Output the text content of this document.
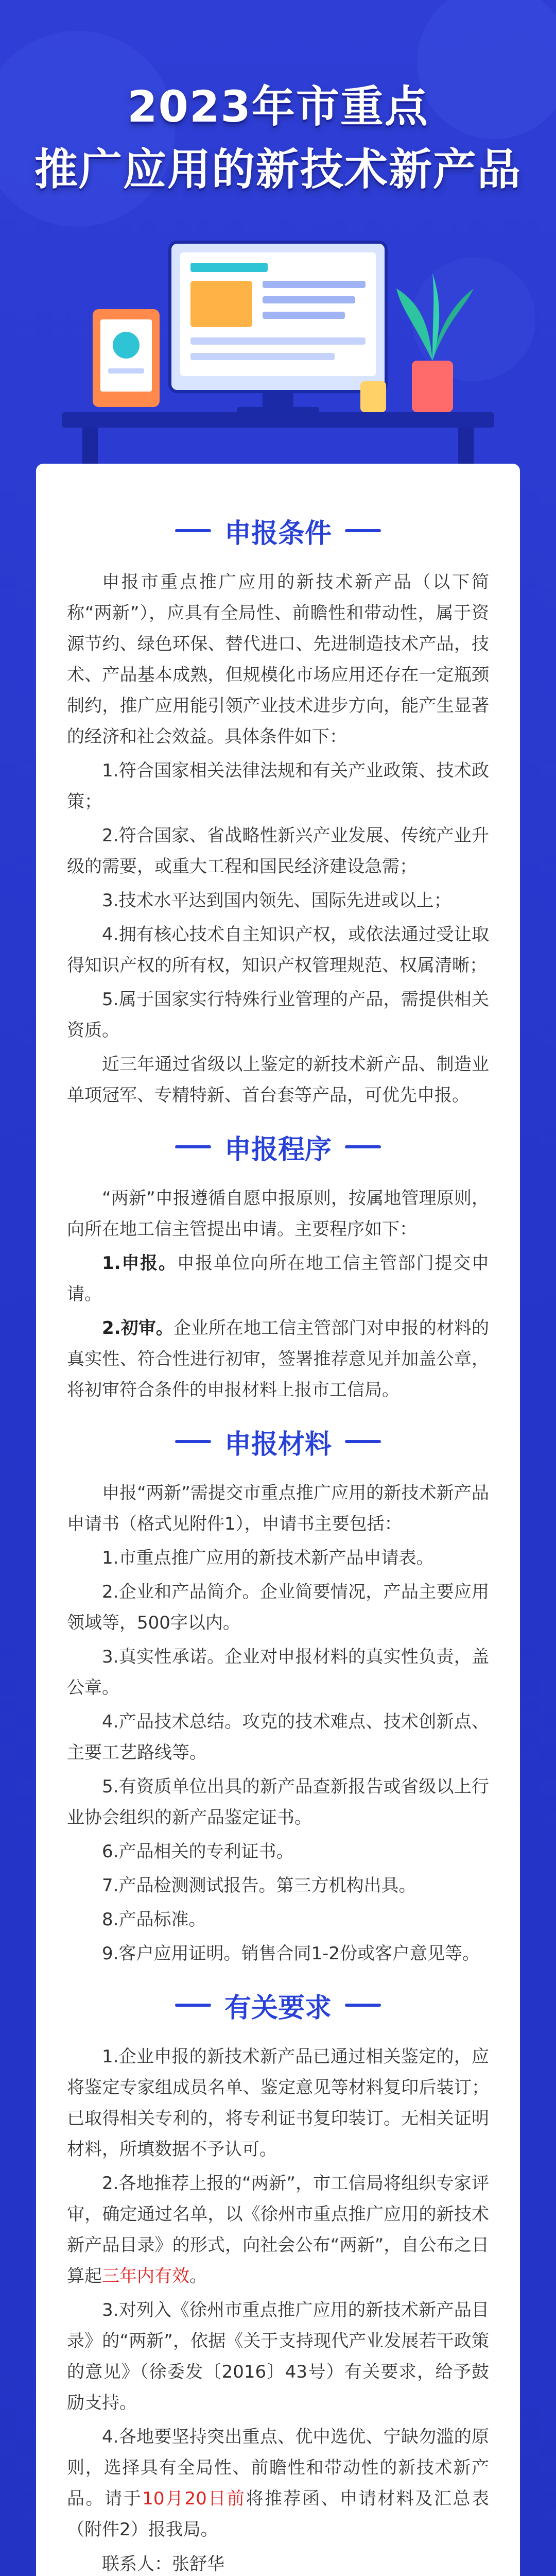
2023年市重点
推广应用的新技术新产品
申报条件

申报市重点推广应用的新技术新产品（以下简称“两新”），应具有全局性、前瞻性和带动性，属于资源节约、绿色环保、替代进口、先进制造技术产品，技术、产品基本成熟，但规模化市场应用还存在一定瓶颈制约，推广应用能引领产业技术进步方向，能产生显著的经济和社会效益。具体条件如下：

1.符合国家相关法律法规和有关产业政策、技术政策；

2.符合国家、省战略性新兴产业发展、传统产业升级的需要，或重大工程和国民经济建设急需；

3.技术水平达到国内领先、国际先进或以上；

4.拥有核心技术自主知识产权，或依法通过受让取得知识产权的所有权，知识产权管理规范、权属清晰；

5.属于国家实行特殊行业管理的产品，需提供相关资质。

近三年通过省级以上鉴定的新技术新产品、制造业单项冠军、专精特新、首台套等产品，可优先申报。

申报程序

“两新”申报遵循自愿申报原则，按属地管理原则，向所在地工信主管提出申请。主要程序如下：

1.申报。申报单位向所在地工信主管部门提交申请。

2.初审。企业所在地工信主管部门对申报的材料的真实性、符合性进行初审，签署推荐意见并加盖公章，将初审符合条件的申报材料上报市工信局。

申报材料

申报“两新”需提交市重点推广应用的新技术新产品申请书（格式见附件1），申请书主要包括：

1.市重点推广应用的新技术新产品申请表。

2.企业和产品简介。企业简要情况，产品主要应用领域等，500字以内。

3.真实性承诺。企业对申报材料的真实性负责，盖公章。

4.产品技术总结。攻克的技术难点、技术创新点、主要工艺路线等。

5.有资质单位出具的新产品查新报告或省级以上行业协会组织的新产品鉴定证书。

6.产品相关的专利证书。

7.产品检测测试报告。第三方机构出具。

8.产品标准。

9.客户应用证明。销售合同1-2份或客户意见等。

有关要求

1.企业申报的新技术新产品已通过相关鉴定的，应将鉴定专家组成员名单、鉴定意见等材料复印后装订；已取得相关专利的，将专利证书复印装订。无相关证明材料，所填数据不予认可。

2.各地推荐上报的“两新”，市工信局将组织专家评审，确定通过名单，以《徐州市重点推广应用的新技术新产品目录》的形式，向社会公布“两新”，自公布之日算起三年内有效。

3.对列入《徐州市重点推广应用的新技术新产品目录》的“两新”，依据《关于支持现代产业发展若干政策的意见》（徐委发〔2016〕43号）有关要求，给予鼓励支持。

4.各地要坚持突出重点、优中选优、宁缺勿滥的原则，选择具有全局性、前瞻性和带动性的新技术新产品。请于10月20日前将推荐函、申请材料及汇总表（附件2）报我局。

联系人：张舒华
